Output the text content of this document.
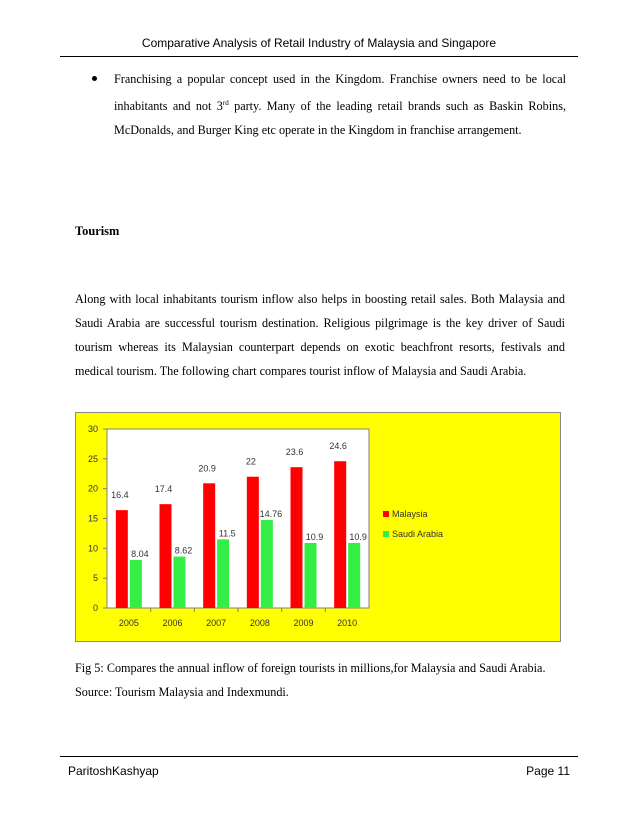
Comparative Analysis of Retail Industry of Malaysia and Singapore
Franchising a popular concept used in the Kingdom. Franchise owners need to be local inhabitants and not 3rd party. Many of the leading retail brands such as Baskin Robins, McDonalds, and Burger King etc operate in the Kingdom in franchise arrangement.
Tourism
Along with local inhabitants tourism inflow also helps in boosting retail sales. Both Malaysia and Saudi Arabia are successful tourism destination. Religious pilgrimage is the key driver of Saudi tourism whereas its Malaysian counterpart depends on exotic beachfront resorts, festivals and medical tourism. The following chart compares tourist inflow of Malaysia and Saudi Arabia.
0
5
10
15
20
25
30
2005
16.4
8.04
2006
17.4
8.62
2007
20.9
11.5
2008
22
14.76
2009
23.6
10.9
2010
24.6
10.9
Malaysia
Saudi Arabia
Fig 5: Compares the annual inflow of foreign tourists in millions,for Malaysia and Saudi Arabia.
Source: Tourism Malaysia and Indexmundi.
ParitoshKashyap	Page 11
